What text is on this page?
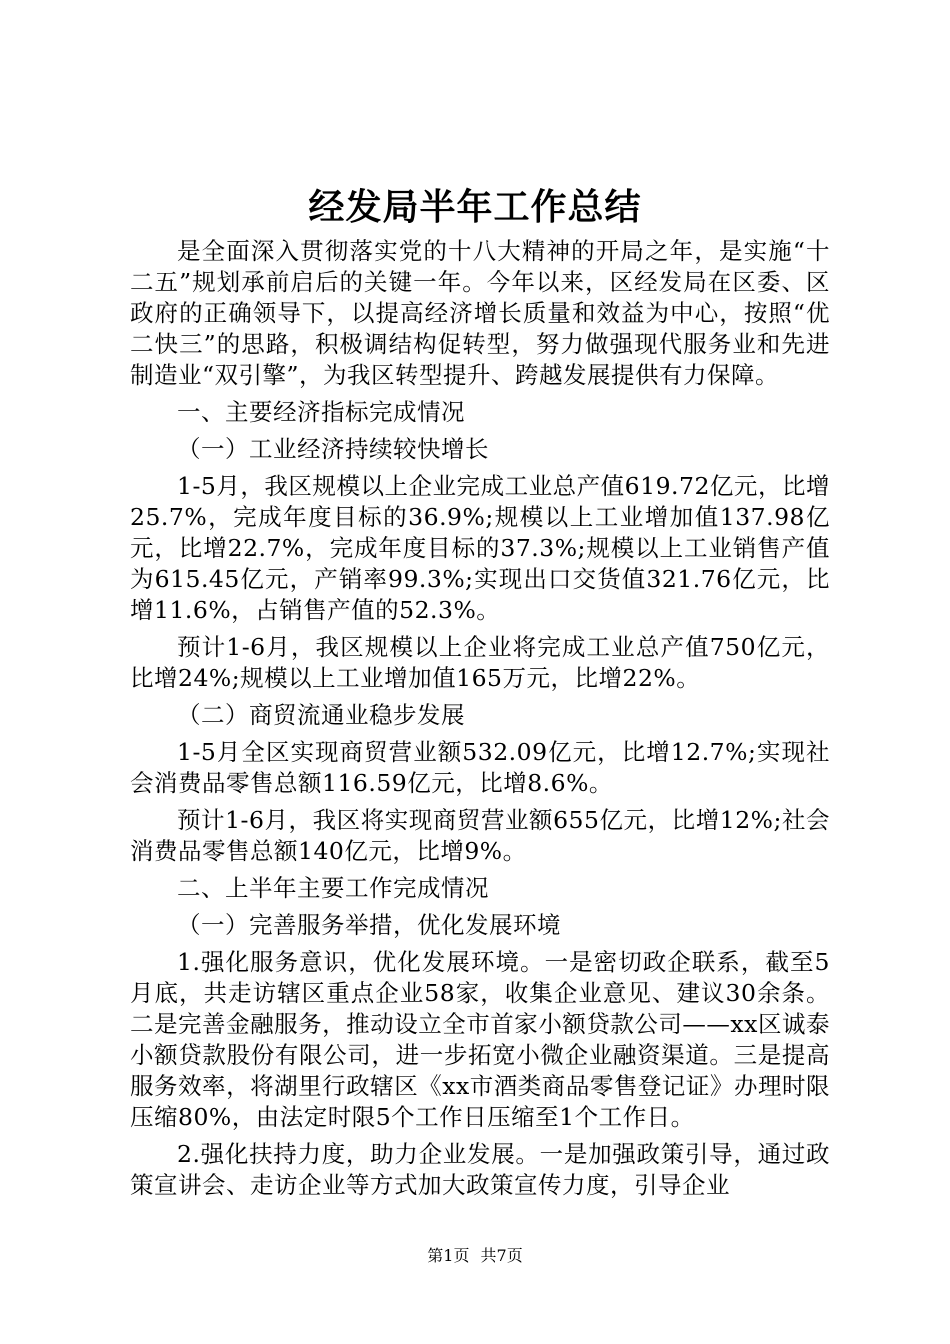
经发局半年工作总结

是全面深入贯彻落实党的十八大精神的开局之年，是实施“十二五”规划承前启后的关键一年。今年以来，区经发局在区委、区政府的正确领导下，以提高经济增长质量和效益为中心，按照“优二快三”的思路，积极调结构促转型，努力做强现代服务业和先进制造业“双引擎”，为我区转型提升、跨越发展提供有力保障。

一、主要经济指标完成情况

（一）工业经济持续较快增长

1-5月，我区规模以上企业完成工业总产值619.72亿元，比增25.7%，完成年度目标的36.9%;规模以上工业增加值137.98亿元，比增22.7%，完成年度目标的37.3%;规模以上工业销售产值为615.45亿元，产销率99.3%;实现出口交货值321.76亿元，比增11.6%，占销售产值的52.3%。

预计1-6月，我区规模以上企业将完成工业总产值750亿元，比增24%;规模以上工业增加值165万元，比增22%。

（二）商贸流通业稳步发展

1-5月全区实现商贸营业额532.09亿元，比增12.7%;实现社会消费品零售总额116.59亿元，比增8.6%。

预计1-6月，我区将实现商贸营业额655亿元，比增12%;社会消费品零售总额140亿元，比增9%。

二、上半年主要工作完成情况

（一）完善服务举措，优化发展环境

1.强化服务意识，优化发展环境。一是密切政企联系，截至5月底，共走访辖区重点企业58家，收集企业意见、建议30余条。二是完善金融服务，推动设立全市首家小额贷款公司——xx区诚泰小额贷款股份有限公司，进一步拓宽小微企业融资渠道。三是提高服务效率，将湖里行政辖区《xx市酒类商品零售登记证》办理时限压缩80%，由法定时限5个工作日压缩至1个工作日。

2.强化扶持力度，助力企业发展。一是加强政策引导，通过政策宣讲会、走访企业等方式加大政策宣传力度，引导企业

第1页 共7页
